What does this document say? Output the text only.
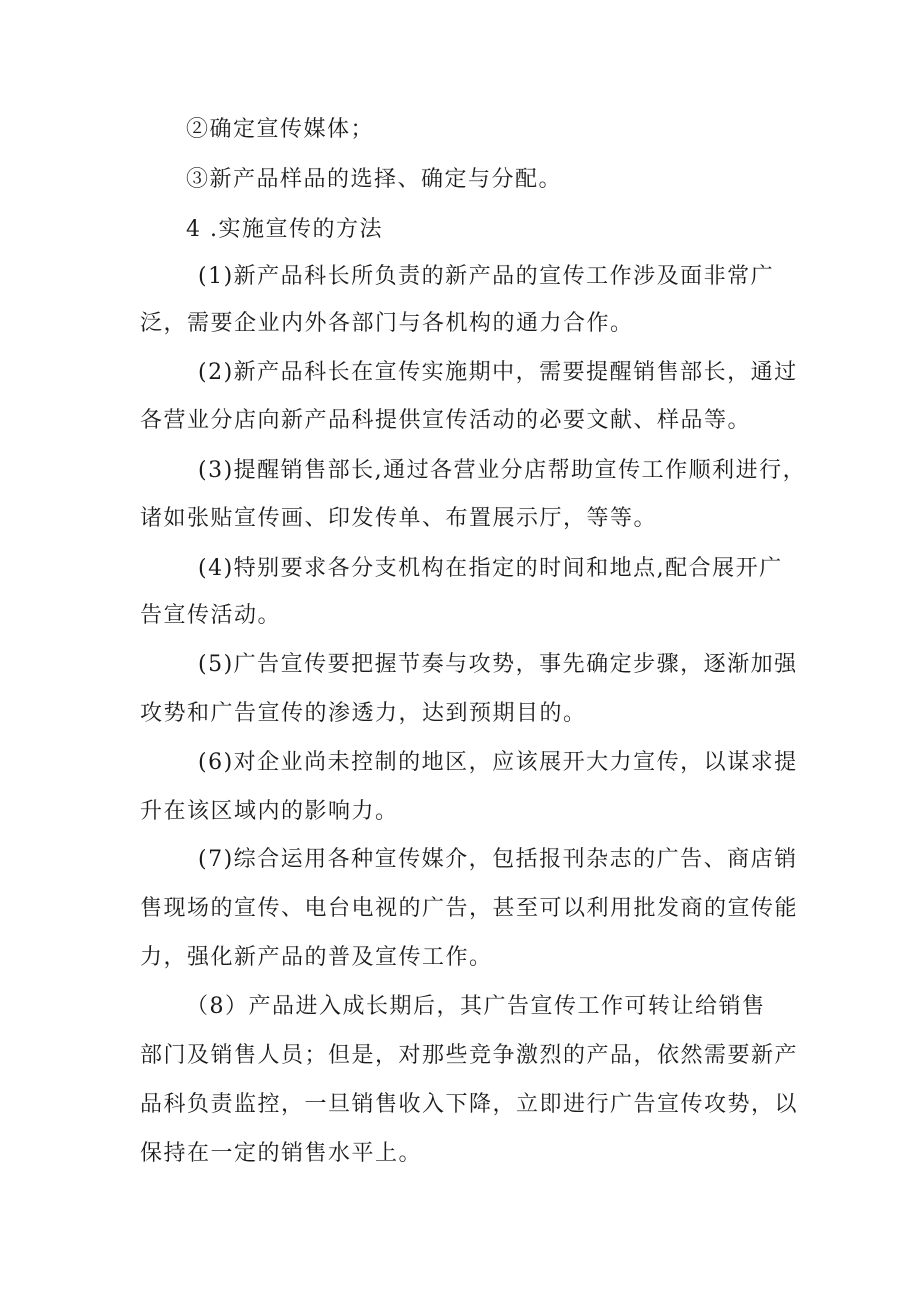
②确定宣传媒体；
③新产品样品的选择、确定与分配。
4 .实施宣传的方法
(1)新产品科长所负责的新产品的宣传工作涉及面非常广
泛，需要企业内外各部门与各机构的通力合作。
(2)新产品科长在宣传实施期中，需要提醒销售部长，通过
各营业分店向新产品科提供宣传活动的必要文献、样品等。
(3)提醒销售部长,通过各营业分店帮助宣传工作顺利进行，
诸如张贴宣传画、印发传单、布置展示厅，等等。
(4)特别要求各分支机构在指定的时间和地点,配合展开广
告宣传活动。
(5)广告宣传要把握节奏与攻势，事先确定步骤，逐渐加强
攻势和广告宣传的渗透力，达到预期目的。
(6)对企业尚未控制的地区，应该展开大力宣传，以谋求提
升在该区域内的影响力。
(7)综合运用各种宣传媒介，包括报刊杂志的广告、商店销
售现场的宣传、电台电视的广告，甚至可以利用批发商的宣传能
力，强化新产品的普及宣传工作。
（8）产品进入成长期后，其广告宣传工作可转让给销售
部门及销售人员；但是，对那些竞争激烈的产品，依然需要新产
品科负责监控，一旦销售收入下降，立即进行广告宣传攻势，以
保持在一定的销售水平上。
